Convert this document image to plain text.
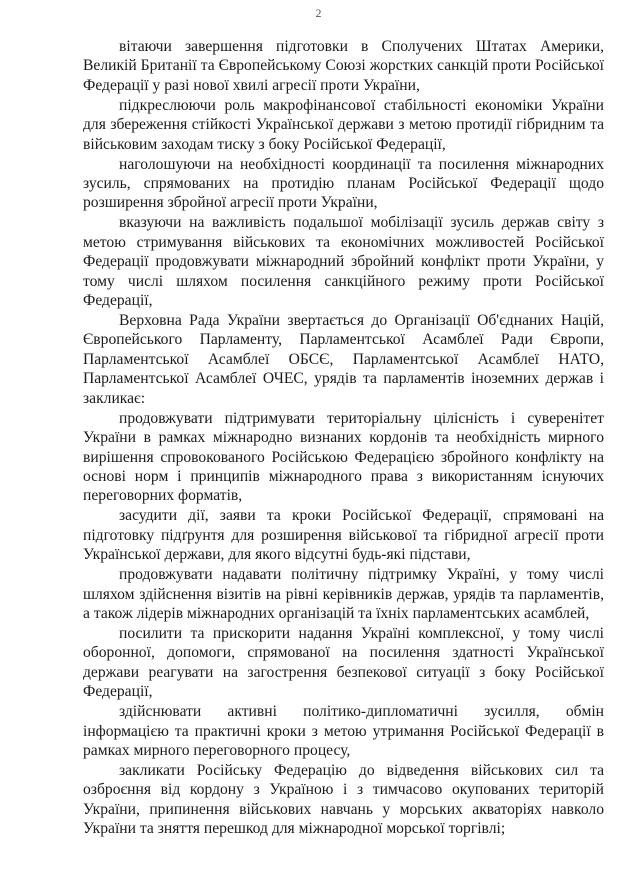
2

вітаючи завершення підготовки в Сполучених Штатах Америки, Великій Британії та Європейському Союзі жорстких санкцій проти Російської Федерації у разі нової хвилі агресії проти України,

підкреслюючи роль макрофінансової стабільності економіки України для збереження стійкості Української держави з метою протидії гібридним та військовим заходам тиску з боку Російської Федерації,

наголошуючи на необхідності координації та посилення міжнародних зусиль, спрямованих на протидію планам Російської Федерації щодо розширення збройної агресії проти України,

вказуючи на важливість подальшої мобілізації зусиль держав світу з метою стримування військових та економічних можливостей Російської Федерації продовжувати міжнародний збройний конфлікт проти України, у тому числі шляхом посилення санкційного режиму проти Російської Федерації,

Верховна Рада України звертається до Організації Об'єднаних Націй, Європейського Парламенту, Парламентської Асамблеї Ради Європи, Парламентської Асамблеї ОБСЄ, Парламентської Асамблеї НАТО, Парламентської Асамблеї ОЧЕС, урядів та парламентів іноземних держав і закликає:

продовжувати підтримувати територіальну цілісність і суверенітет України в рамках міжнародно визнаних кордонів та необхідність мирного вирішення спровокованого Російською Федерацією збройного конфлікту на основі норм і принципів міжнародного права з використанням існуючих переговорних форматів,

засудити дії, заяви та кроки Російської Федерації, спрямовані на підготовку підґрунтя для розширення військової та гібридної агресії проти Української держави, для якого відсутні будь-які підстави,

продовжувати надавати політичну підтримку Україні, у тому числі шляхом здійснення візитів на рівні керівників держав, урядів та парламентів, а також лідерів міжнародних організацій та їхніх парламентських асамблей,

посилити та прискорити надання Україні комплексної, у тому числі оборонної, допомоги, спрямованої на посилення здатності Української держави реагувати на загострення безпекової ситуації з боку Російської Федерації,

здійснювати активні політико-дипломатичні зусилля, обмін інформацією та практичні кроки з метою утримання Російської Федерації в рамках мирного переговорного процесу,

закликати Російську Федерацію до відведення військових сил та озброєння від кордону з Україною і з тимчасово окупованих територій України, припинення військових навчань у морських акваторіях навколо України та зняття перешкод для міжнародної морської торгівлі;
